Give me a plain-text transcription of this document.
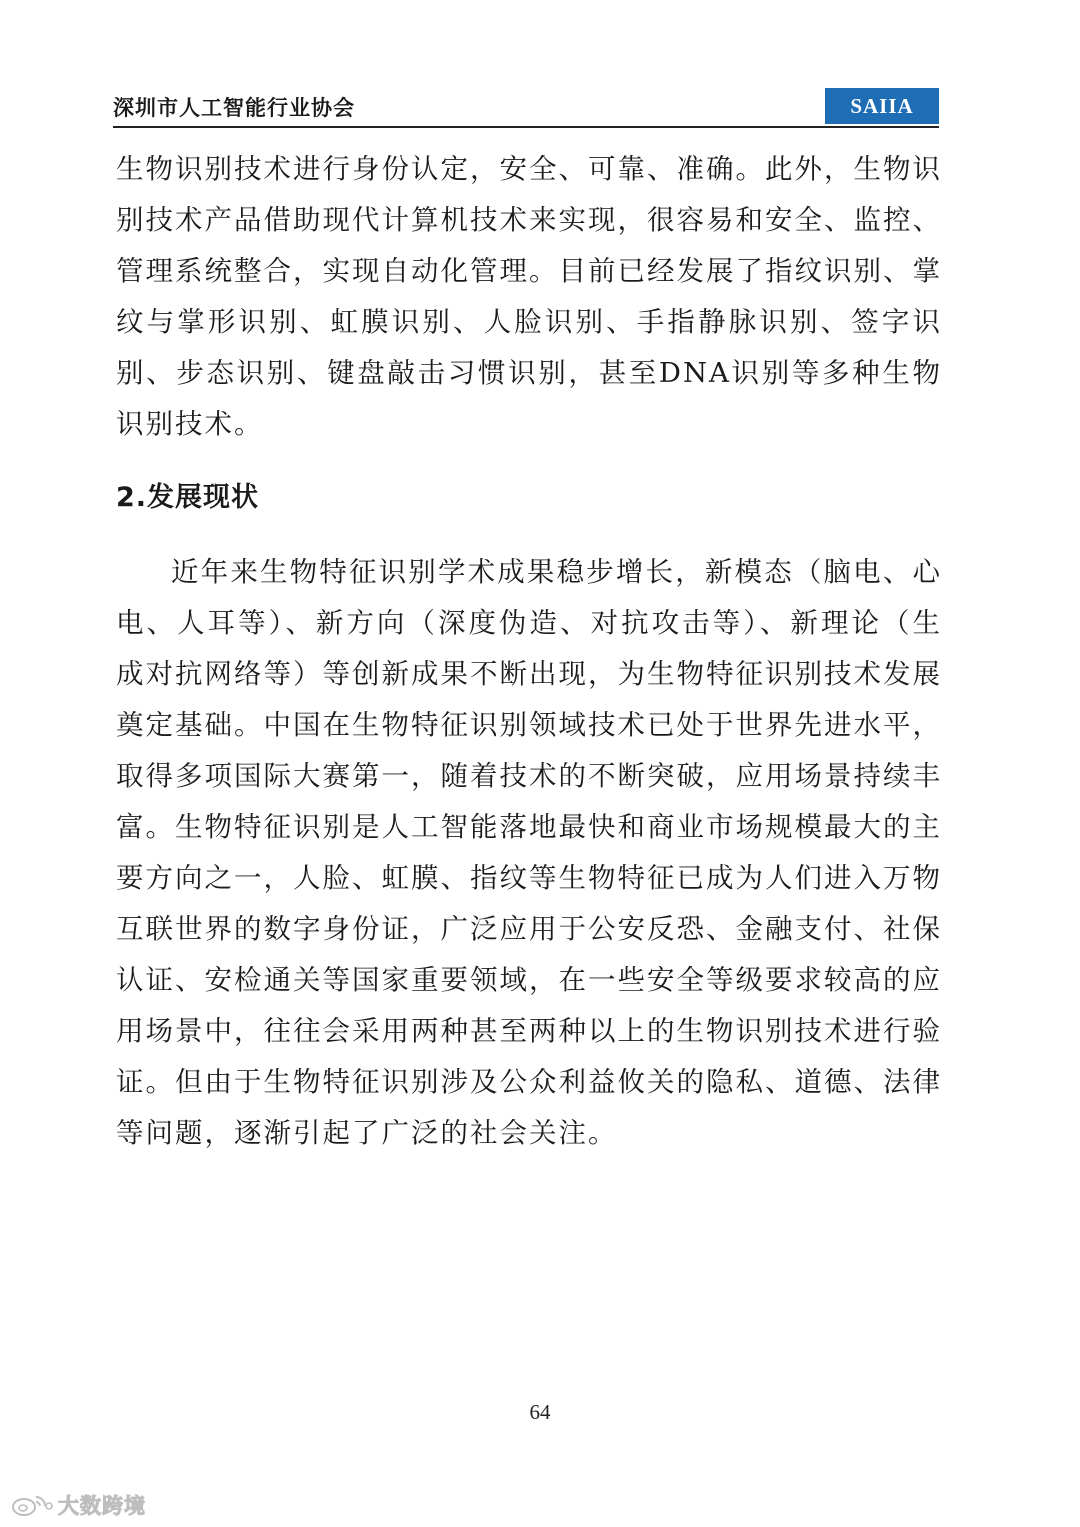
深圳市人工智能行业协会	SAIIA

生物识别技术进行身份认定，安全、可靠、准确。此外，生物识别技术产品借助现代计算机技术来实现，很容易和安全、监控、管理系统整合，实现自动化管理。目前已经发展了指纹识别、掌纹与掌形识别、虹膜识别、人脸识别、手指静脉识别、签字识别、步态识别、键盘敲击习惯识别，甚至DNA识别等多种生物识别技术。

2.发展现状

近年来生物特征识别学术成果稳步增长，新模态（脑电、心电、人耳等）、新方向（深度伪造、对抗攻击等）、新理论（生成对抗网络等）等创新成果不断出现，为生物特征识别技术发展奠定基础。中国在生物特征识别领域技术已处于世界先进水平，取得多项国际大赛第一，随着技术的不断突破，应用场景持续丰富。生物特征识别是人工智能落地最快和商业市场规模最大的主要方向之一，人脸、虹膜、指纹等生物特征已成为人们进入万物互联世界的数字身份证，广泛应用于公安反恐、金融支付、社保认证、安检通关等国家重要领域，在一些安全等级要求较高的应用场景中，往往会采用两种甚至两种以上的生物识别技术进行验证。但由于生物特征识别涉及公众利益攸关的隐私、道德、法律等问题，逐渐引起了广泛的社会关注。

64
大数跨境
